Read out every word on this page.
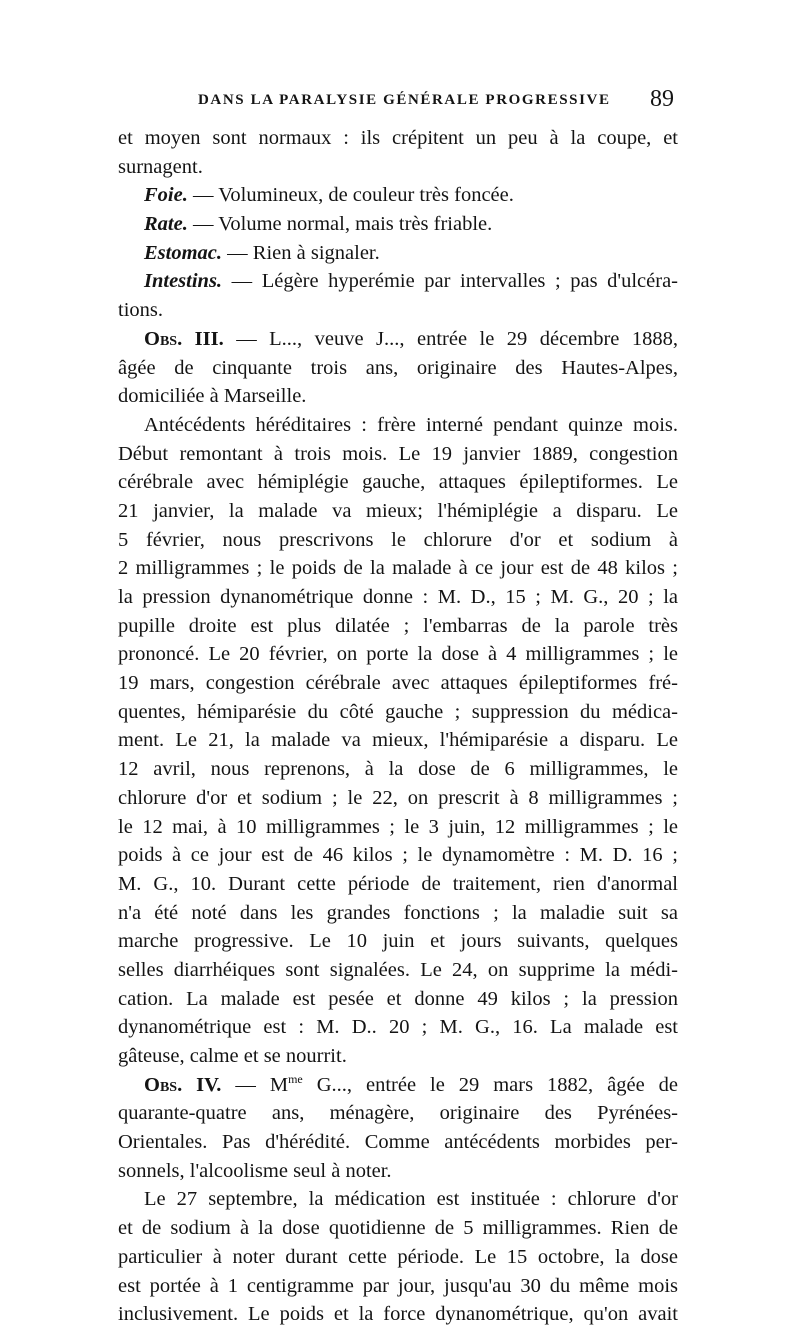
DANS LA PARALYSIE GÉNÉRALE PROGRESSIVE 89
et moyen sont normaux : ils crépitent un peu à la coupe, et
surnagent.
Foie. — Volumineux, de couleur très foncée.
Rate. — Volume normal, mais très friable.
Estomac. — Rien à signaler.
Intestins. — Légère hyperémie par intervalles ; pas d'ulcéra-
tions.
Obs. III. — L..., veuve J..., entrée le 29 décembre 1888,
âgée de cinquante trois ans, originaire des Hautes-Alpes,
domiciliée à Marseille.
Antécédents héréditaires : frère interné pendant quinze mois.
Début remontant à trois mois. Le 19 janvier 1889, congestion
cérébrale avec hémiplégie gauche, attaques épileptiformes. Le
21 janvier, la malade va mieux; l'hémiplégie a disparu. Le
5 février, nous prescrivons le chlorure d'or et sodium à
2 milligrammes ; le poids de la malade à ce jour est de 48 kilos ;
la pression dynanométrique donne : M. D., 15 ; M. G., 20 ; la
pupille droite est plus dilatée ; l'embarras de la parole très
prononcé. Le 20 février, on porte la dose à 4 milligrammes ; le
19 mars, congestion cérébrale avec attaques épileptiformes fré-
quentes, hémiparésie du côté gauche ; suppression du médica-
ment. Le 21, la malade va mieux, l'hémiparésie a disparu. Le
12 avril, nous reprenons, à la dose de 6 milligrammes, le
chlorure d'or et sodium ; le 22, on prescrit à 8 milligrammes ;
le 12 mai, à 10 milligrammes ; le 3 juin, 12 milligrammes ; le
poids à ce jour est de 46 kilos ; le dynamomètre : M. D. 16 ;
M. G., 10. Durant cette période de traitement, rien d'anormal
n'a été noté dans les grandes fonctions ; la maladie suit sa
marche progressive. Le 10 juin et jours suivants, quelques
selles diarrhéiques sont signalées. Le 24, on supprime la médi-
cation. La malade est pesée et donne 49 kilos ; la pression
dynanométrique est : M. D.. 20 ; M. G., 16. La malade est
gâteuse, calme et se nourrit.
Obs. IV. — $M^{me}$ G..., entrée le 29 mars 1882, âgée de
quarante-quatre ans, ménagère, originaire des Pyrénées-
Orientales. Pas d'hérédité. Comme antécédents morbides per-
sonnels, l'alcoolisme seul à noter.
Le 27 septembre, la médication est instituée : chlorure d'or
et de sodium à la dose quotidienne de 5 milligrammes. Rien de
particulier à noter durant cette période. Le 15 octobre, la dose
est portée à 1 centigramme par jour, jusqu'au 30 du même mois
inclusivement. Le poids et la force dynanométrique, qu'on avait
